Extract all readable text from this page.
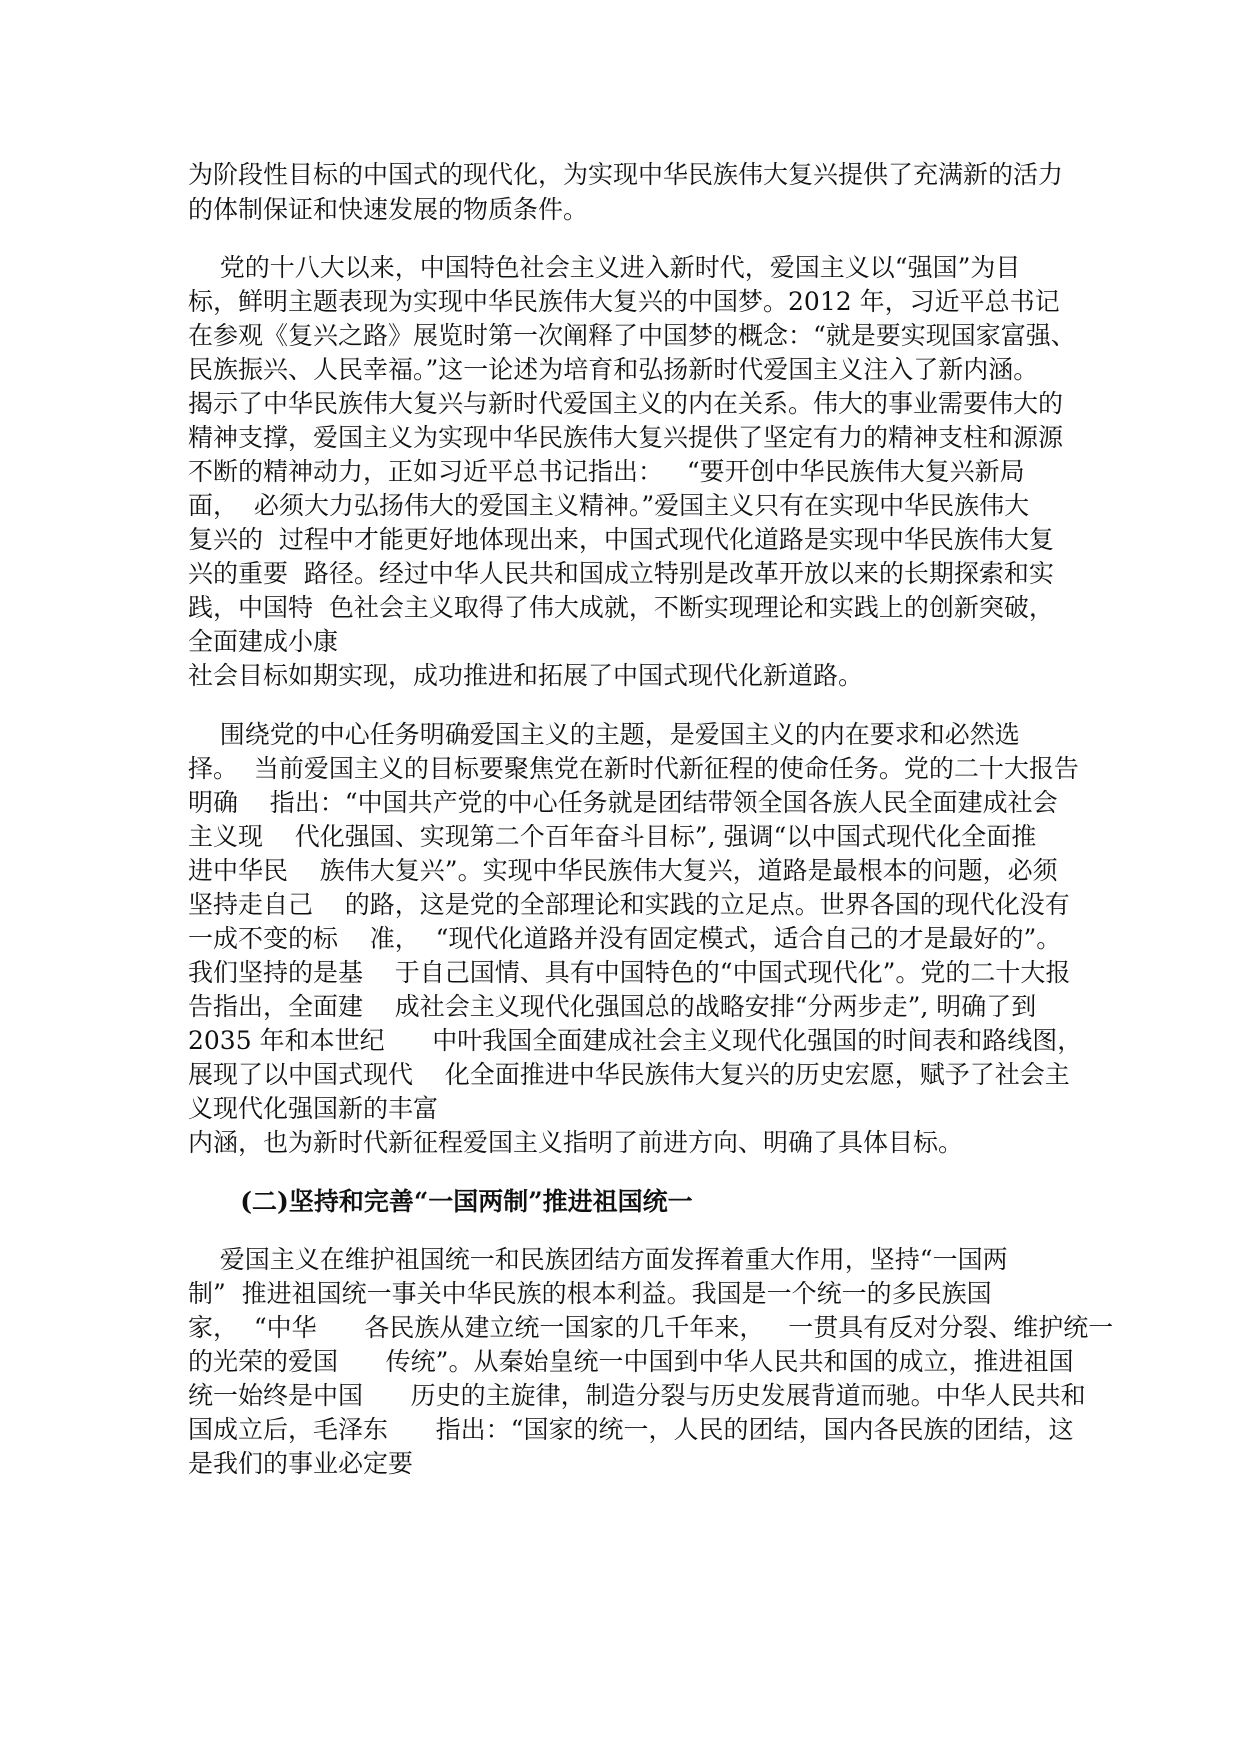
为阶段性目标的中国式的现代化，为实现中华民族伟大复兴提供了充满新的活力

的体制保证和快速发展的物质条件。

党的十八大以来，中国特色社会主义进入新时代，爱国主义以“强国”为目

标，鲜明主题表现为实现中华民族伟大复兴的中国梦。2012 年，习近平总书记

在参观《复兴之路》展览时第一次阐释了中国梦的概念：“就是要实现国家富强、

民族振兴、人民幸福。”这一论述为培育和弘扬新时代爱国主义注入了新内涵。

揭示了中华民族伟大复兴与新时代爱国主义的内在关系。伟大的事业需要伟大的

精神支撑，爱国主义为实现中华民族伟大复兴提供了坚定有力的精神支柱和源源

不断的精神动力，正如习近平总书记指出：   “要开创中华民族伟大复兴新局

面，  必须大力弘扬伟大的爱国主义精神。”爱国主义只有在实现中华民族伟大

复兴的  过程中才能更好地体现出来，中国式现代化道路是实现中华民族伟大复

兴的重要  路径。经过中华人民共和国成立特别是改革开放以来的长期探索和实

践，中国特  色社会主义取得了伟大成就，不断实现理论和实践上的创新突破，

全面建成小康

社会目标如期实现，成功推进和拓展了中国式现代化新道路。

围绕党的中心任务明确爱国主义的主题，是爱国主义的内在要求和必然选

择。  当前爱国主义的目标要聚焦党在新时代新征程的使命任务。党的二十大报告

明确    指出：“中国共产党的中心任务就是团结带领全国各族人民全面建成社会

主义现    代化强国、实现第二个百年奋斗目标”, 强调“以中国式现代化全面推

进中华民    族伟大复兴”。实现中华民族伟大复兴，道路是最根本的问题，必须

坚持走自己    的路，这是党的全部理论和实践的立足点。世界各国的现代化没有

一成不变的标    准，  “现代化道路并没有固定模式，适合自己的才是最好的”。

我们坚持的是基    于自己国情、具有中国特色的“中国式现代化”。党的二十大报

告指出，全面建    成社会主义现代化强国总的战略安排“分两步走”, 明确了到

2035 年和本世纪      中叶我国全面建成社会主义现代化强国的时间表和路线图，

展现了以中国式现代    化全面推进中华民族伟大复兴的历史宏愿，赋予了社会主

义现代化强国新的丰富

内涵，也为新时代新征程爱国主义指明了前进方向、明确了具体目标。

(二)坚持和完善“一国两制”推进祖国统一

爱国主义在维护祖国统一和民族团结方面发挥着重大作用，坚持“一国两

制”  推进祖国统一事关中华民族的根本利益。我国是一个统一的多民族国

家，  “中华      各民族从建立统一国家的几千年来，   一贯具有反对分裂、维护统一

的光荣的爱国      传统”。从秦始皇统一中国到中华人民共和国的成立，推进祖国

统一始终是中国      历史的主旋律，制造分裂与历史发展背道而驰。中华人民共和

国成立后，毛泽东      指出：“国家的统一，人民的团结，国内各民族的团结，这

是我们的事业必定要
